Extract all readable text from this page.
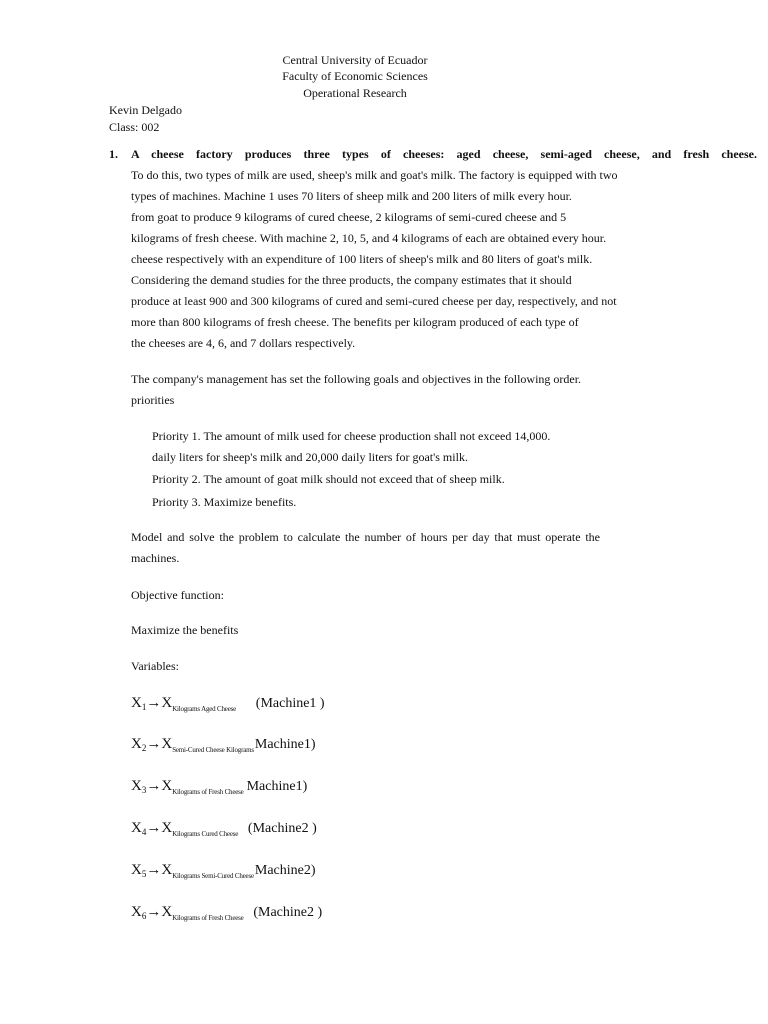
Central University of Ecuador
Faculty of Economic Sciences
Operational Research
Kevin Delgado
Class: 002
1. A cheese factory produces three types of cheeses: aged cheese, semi-aged cheese, and fresh cheese.
To do this, two types of milk are used, sheep's milk and goat's milk. The factory is equipped with two
types of machines. Machine 1 uses 70 liters of sheep milk and 200 liters of milk every hour.
from goat to produce 9 kilograms of cured cheese, 2 kilograms of semi-cured cheese and 5
kilograms of fresh cheese. With machine 2, 10, 5, and 4 kilograms of each are obtained every hour.
cheese respectively with an expenditure of 100 liters of sheep's milk and 80 liters of goat's milk.
Considering the demand studies for the three products, the company estimates that it should
produce at least 900 and 300 kilograms of cured and semi-cured cheese per day, respectively, and not
more than 800 kilograms of fresh cheese. The benefits per kilogram produced of each type of
the cheeses are 4, 6, and 7 dollars respectively.
The company's management has set the following goals and objectives in the following order.
priorities
Priority 1. The amount of milk used for cheese production shall not exceed 14,000.
daily liters for sheep's milk and 20,000 daily liters for goat's milk.
Priority 2. The amount of goat milk should not exceed that of sheep milk.
Priority 3. Maximize benefits.
Model and solve the problem to calculate the number of hours per day that must operate the
machines.
Objective function:
Maximize the benefits
Variables:
$X_1\to X_{Kilograms Aged Cheese}$ (Machine1 )
$X_2\to X_{Semi-Cured Cheese Kilograms}Machine1$)
$X_3\to X_{Kilograms of Fresh Cheese}$ Machine1)
$X_4\to X_{Kilograms Cured Cheese}$ (Machine2 )
$X_5\to X_{Kilograms Semi-Cured Cheese}Machine2$)
$X_6\to X_{Kilograms of Fresh Cheese}$ (Machine2 )
